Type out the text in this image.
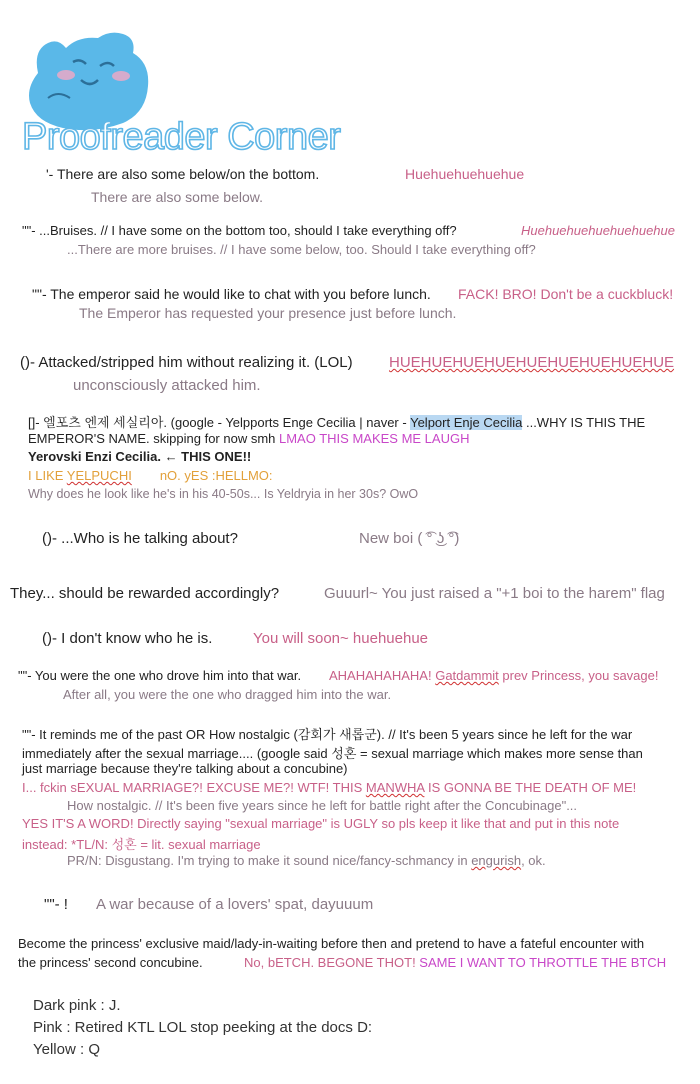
Proofreader Corner
'- There are also some below/on the bottom.	Huehuehuehuehue
There are also some below.
""- ...Bruises. // I have some on the bottom too, should I take everything off?	Huehuehuehuehuehuehue
...There are more bruises. // I have some below, too. Should I take everything off?
""- The emperor said he would like to chat with you before lunch. FACK! BRO! Don't be a cuckbluck!
The Emperor has requested your presence just before lunch.
()- Attacked/stripped him without realizing it. (LOL) HUEHUEHUEHUEHUEHUEHUEHUEHUE
unconsciously attacked him.
[]- 엘포츠 엔제 세실리아. (google - Yelpports Enge Cecilia | naver - Yelport Enje Cecilia ...WHY IS THIS THE
EMPEROR'S NAME. skipping for now smh LMAO THIS MAKES ME LAUGH
Yerovski Enzi Cecilia. ← THIS ONE!!
I LIKE YELPUCHI nO. yES :HELLMO:
Why does he look like he's in his 40-50s... Is Yeldryia in her 30s? OwO
()- ...Who is he talking about?	New boi ( ͡° ͜ʖ ͡°)
They... should be rewarded accordingly?	Guuurl~ You just raised a "+1 boi to the harem" flag
()- I don't know who he is.	You will soon~ huehuehue
""- You were the one who drove him into that war. AHAHAHAHAHA! Gatdammit prev Princess, you savage!
After all, you were the one who dragged him into the war.
""- It reminds me of the past OR How nostalgic (감회가 새롭군). // It's been 5 years since he left for the war
immediately after the sexual marriage.... (google said 성혼 = sexual marriage which makes more sense than
just marriage because they're talking about a concubine)
I... fckin sEXUAL MARRIAGE?! EXCUSE ME?! WTF! THIS MANWHA IS GONNA BE THE DEATH OF ME!
How nostalgic. // It's been five years since he left for battle right after the Concubinage"...
YES IT'S A WORD! Directly saying "sexual marriage" is UGLY so pls keep it like that and put in this note
instead: *TL/N: 성혼 = lit. sexual marriage
PR/N: Disgustang. I'm trying to make it sound nice/fancy-schmancy in engurish, ok.
""- ! A war because of a lovers' spat, dayuuum
Become the princess' exclusive maid/lady-in-waiting before then and pretend to have a fateful encounter with
the princess' second concubine.	No, bETCH. BEGONE THOT! SAME I WANT TO THROTTLE THE BTCH
Dark pink : J.
Pink : Retired KTL LOL stop peeking at the docs D:
Yellow : Q
